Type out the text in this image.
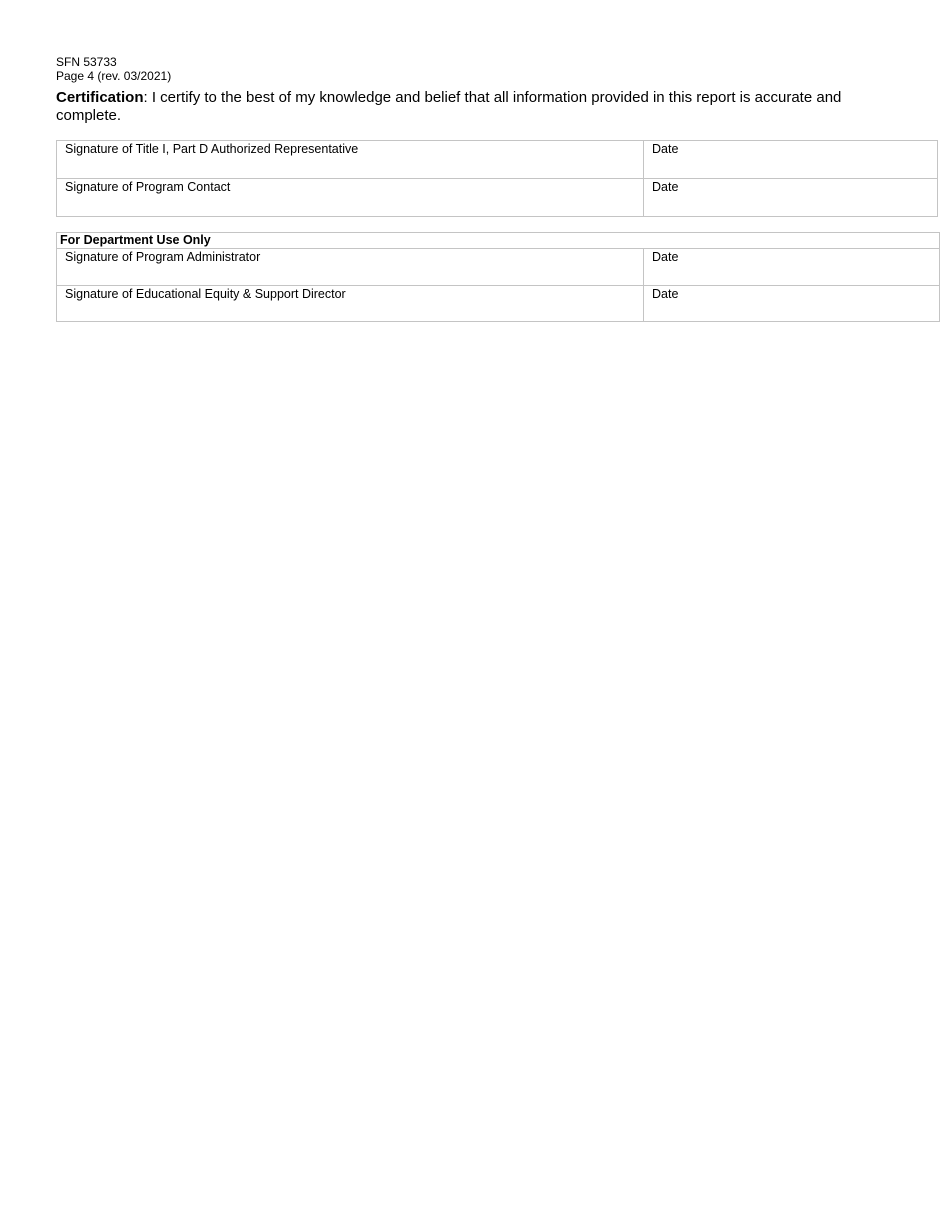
SFN 53733
Page 4 (rev. 03/2021)
Certification: I certify to the best of my knowledge and belief that all information provided in this report is accurate and complete.
Signature of Title I, Part D Authorized Representative	Date
Signature of Program Contact	Date
For Department Use Only
Signature of Program Administrator	Date
Signature of Educational Equity & Support Director	Date
